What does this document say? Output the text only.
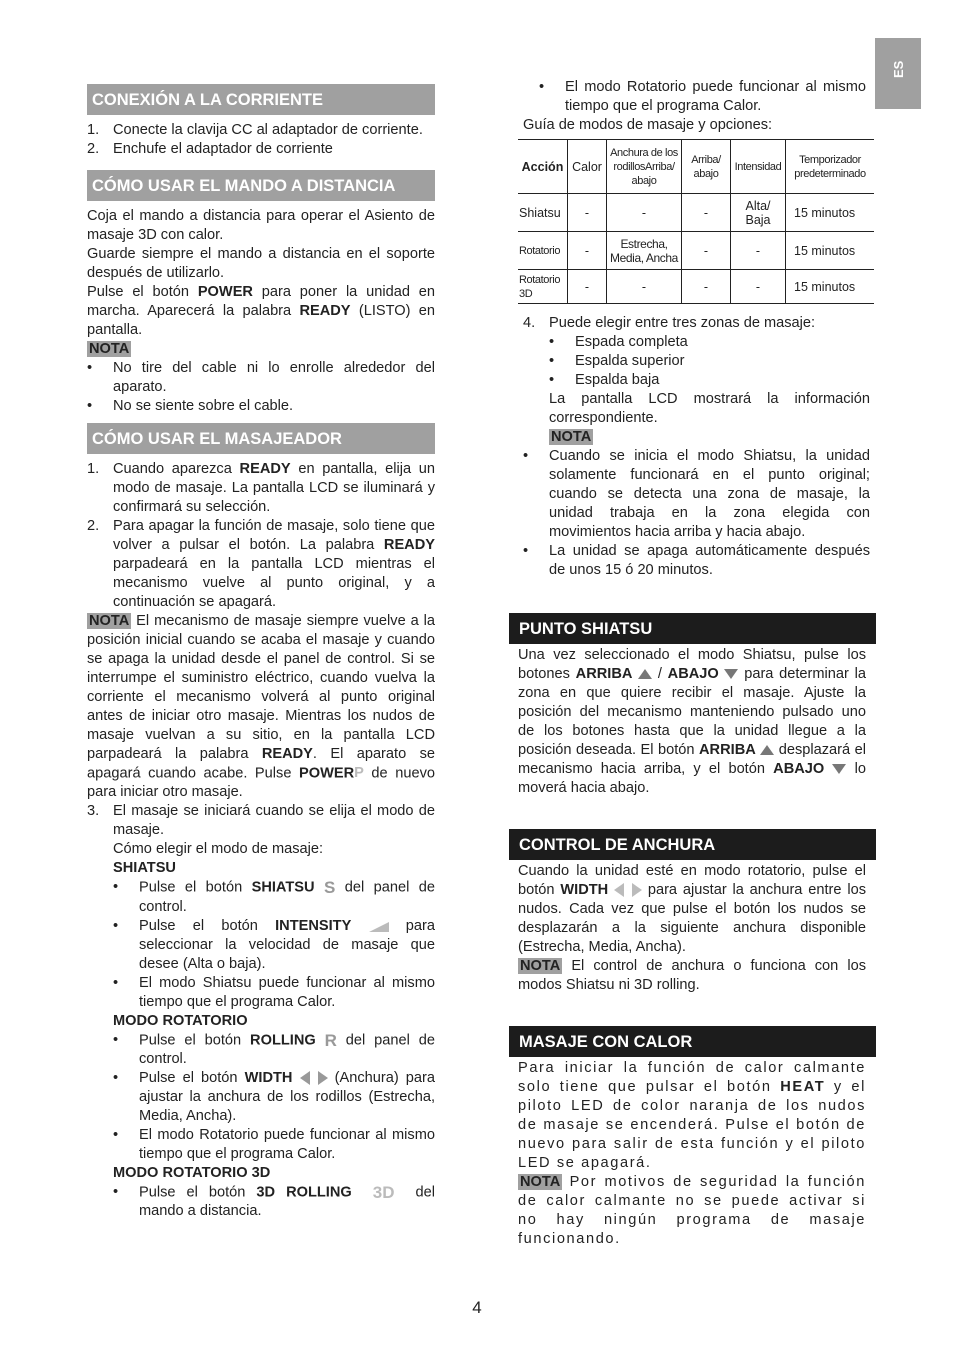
ES
CONEXIÓN A LA CORRIENTE
1. Conecte la clavija CC al adaptador de corriente.
2. Enchufe el adaptador de corriente
CÓMO USAR EL MANDO A DISTANCIA

Coja el mando a distancia para operar el Asiento de masaje 3D con calor.

Guarde siempre el mando a distancia en el soporte después de utilizarlo.

Pulse el botón POWER para poner la unidad en marcha. Aparecerá la palabra READY (LISTO) en pantalla.

NOTA

•	No tire del cable ni lo enrolle alrededor del aparato.
•	No se siente sobre el cable.
CÓMO USAR EL MASAJEADOR
1. Cuando aparezca READY en pantalla, elija un modo de masaje. La pantalla LCD se iluminará y confirmará su selección.
2. Para apagar la función de masaje, solo tiene que volver a pulsar el botón. La palabra READY parpadeará en la pantalla LCD mientras el mecanismo vuelve al punto original, y a continuación se apagará.

NOTA El mecanismo de masaje siempre vuelve a la posición inicial cuando se acaba el masaje y cuando se apaga la unidad desde el panel de control. Si se interrumpe el suministro eléctrico, cuando vuelva la corriente el mecanismo volverá al punto original antes de iniciar otro masaje. Mientras los nudos de masaje vuelvan a su sitio, en la pantalla LCD parpadeará la palabra READY. El aparato se apagará cuando acabe. Pulse POWERP de nuevo para iniciar otro masaje.

3. El masaje se iniciará cuando se elija el modo de masaje.
Cómo elegir el modo de masaje:
SHIATSU
•	Pulse el botón SHIATSU S del panel de control.
•	Pulse el botón INTENSITY	para seleccionar la velocidad de masaje que desee (Alta o baja).
•	El modo Shiatsu puede funcionar al mismo tiempo que el programa Calor.
MODO ROTATORIO
•	Pulse el botón ROLLING R del panel de control.
•	Pulse el botón WIDTH  (Anchura) para ajustar la anchura de los rodillos (Estrecha, Media, Ancha).
•	El modo Rotatorio puede funcionar al mismo tiempo que el programa Calor.
MODO ROTATORIO 3D
•	Pulse el botón 3D ROLLING 3D del mando a distancia.
•	El modo Rotatorio puede funcionar al mismo tiempo que el programa Calor.
Guía de modos de masaje y opciones:
Acción	Calor	Anchura de los rodillosArriba/ abajo	Arriba/ abajo	Intensidad	Temporizador predeterminado
Shiatsu	-	-	-	Alta/ Baja	15 minutos
Rotatorio	-	Estrecha, Media, Ancha	-	-	15 minutos
Rotatorio 3D	-	-	-	-	15 minutos
4. Puede elegir entre tres zonas de masaje:
•	Espada completa
•	Espalda superior
•	Espalda baja

La pantalla LCD mostrará la información correspondiente.

NOTA

•	Cuando se inicia el modo Shiatsu, la unidad solamente funcionará en el punto original; cuando se detecta una zona de masaje, la unidad trabaja en la zona elegida con movimientos hacia arriba y hacia abajo.
•	La unidad se apaga automáticamente después de unos 15 ó 20 minutos.
PUNTO SHIATSU

Una vez seleccionado el modo Shiatsu, pulse los botones ARRIBA  / ABAJO  para determinar la zona en que quiere recibir el masaje. Ajuste la posición del mecanismo manteniendo pulsado uno de los botones hasta que la unidad llegue a la posición deseada. El botón ARRIBA  desplazará el mecanismo hacia arriba, y el botón ABAJO  lo moverá hacia abajo.

CONTROL DE ANCHURA

Cuando la unidad esté en modo rotatorio, pulse el botón WIDTH	para ajustar la anchura entre los nudos. Cada vez que pulse el botón los nudos se desplazarán a la siguiente anchura disponible (Estrecha, Media, Ancha).

NOTA El control de anchura o funciona con los modos Shiatsu ni 3D rolling.

MASAJE CON CALOR

Para iniciar la función de calor calmante solo tiene que pulsar el botón HEAT y el piloto LED de color naranja de los nudos de masaje se encenderá. Pulse el botón de nuevo para salir de esta función y el piloto LED se apagará.

NOTA Por motivos de seguridad la función de calor calmante no se puede activar si no hay ningún programa de masaje funcionando.

4
